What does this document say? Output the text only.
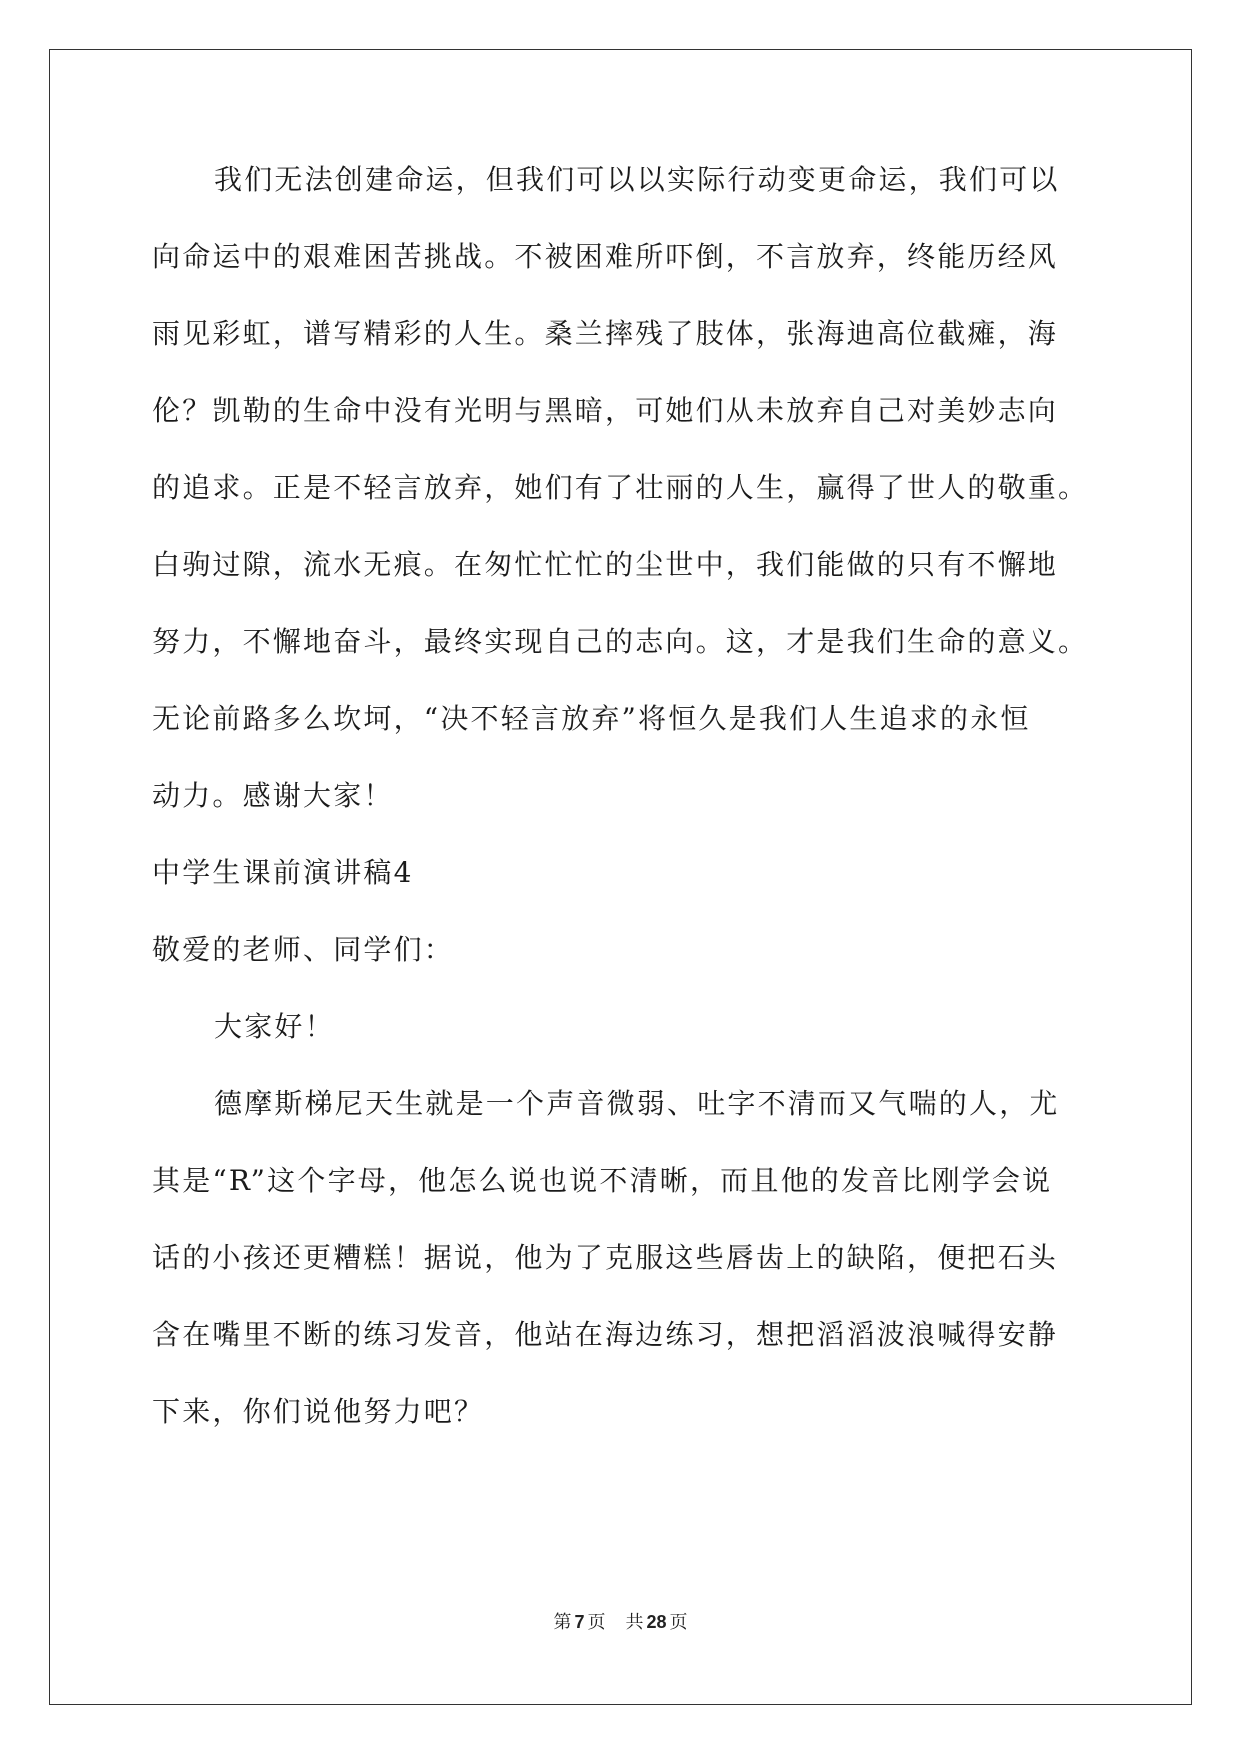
我们无法创建命运，但我们可以以实际行动变更命运，我们可以
向命运中的艰难困苦挑战。不被困难所吓倒，不言放弃，终能历经风
雨见彩虹，谱写精彩的人生。桑兰摔残了肢体，张海迪高位截瘫，海
伦？凯勒的生命中没有光明与黑暗，可她们从未放弃自己对美妙志向
的追求。正是不轻言放弃，她们有了壮丽的人生，赢得了世人的敬重。
白驹过隙，流水无痕。在匆忙忙忙的尘世中，我们能做的只有不懈地
努力，不懈地奋斗，最终实现自己的志向。这，才是我们生命的意义。
无论前路多么坎坷，“决不轻言放弃”将恒久是我们人生追求的永恒
动力。感谢大家！
中学生课前演讲稿4
敬爱的老师、同学们：
大家好！
德摩斯梯尼天生就是一个声音微弱、吐字不清而又气喘的人，尤
其是“R”这个字母，他怎么说也说不清晰，而且他的发音比刚学会说
话的小孩还更糟糕！据说，他为了克服这些唇齿上的缺陷，便把石头
含在嘴里不断的练习发音，他站在海边练习，想把滔滔波浪喊得安静
下来，你们说他努力吧？
第 7 页 共 28 页
